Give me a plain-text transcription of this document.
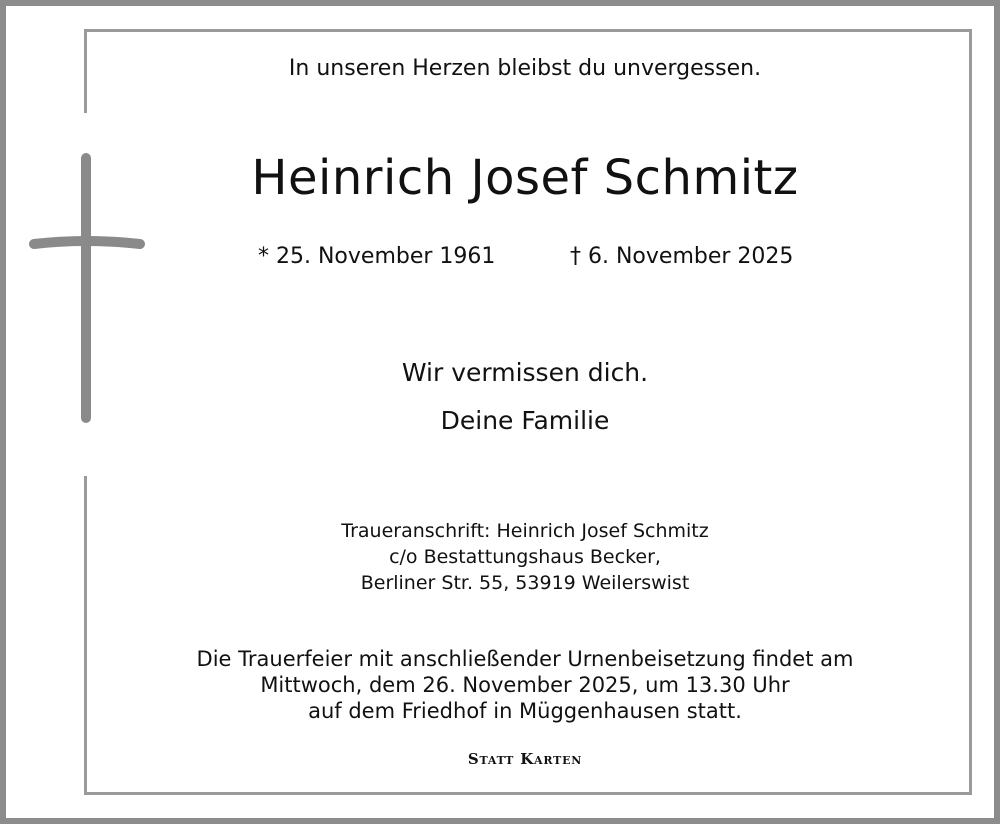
In unseren Herzen bleibst du unvergessen.
Heinrich Josef Schmitz
* 25. November 1961	† 6. November 2025
Wir vermissen dich.
Deine Familie
Traueranschrift: Heinrich Josef Schmitz
c/o Bestattungshaus Becker,
Berliner Str. 55, 53919 Weilerswist
Die Trauerfeier mit anschließender Urnenbeisetzung findet am
Mittwoch, dem 26. November 2025, um 13.30 Uhr
auf dem Friedhof in Müggenhausen statt.
Statt Karten
